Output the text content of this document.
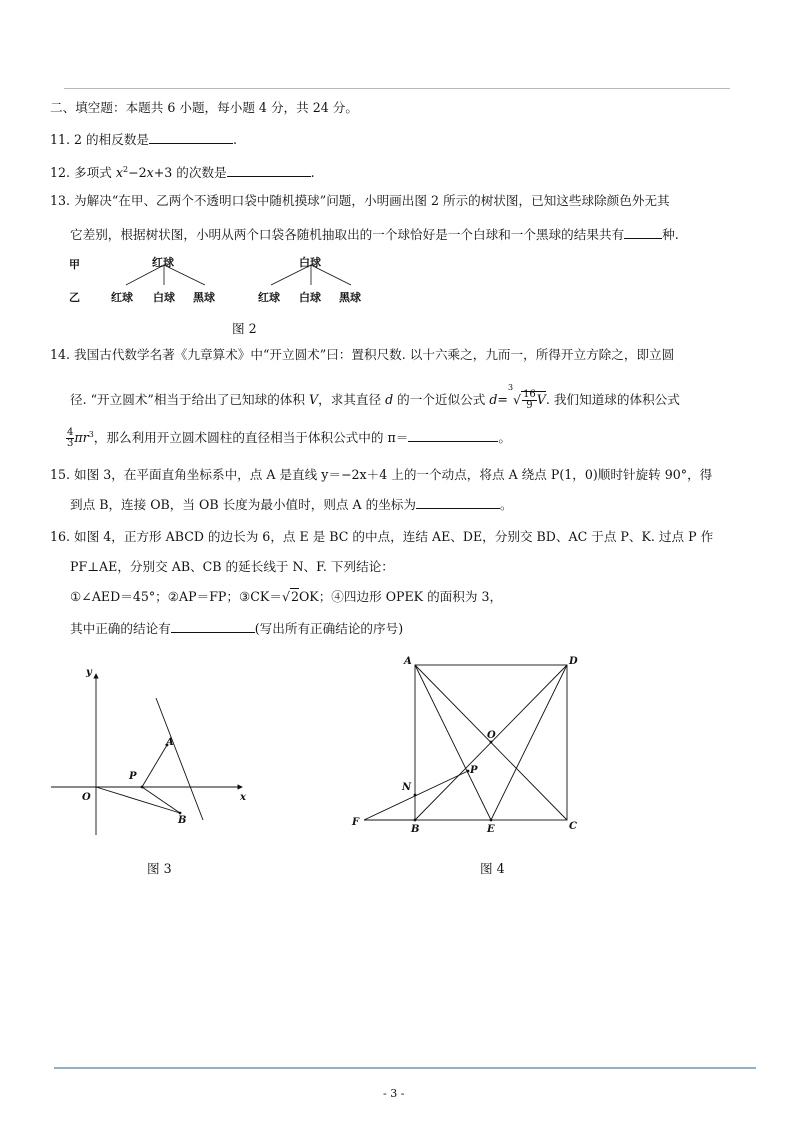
二、填空题：本题共 6 小题，每小题 4 分，共 24 分。
11. 2 的相反数是	.
12. 多项式 $x^2-2x+3$ 的次数是	.
13. 为解决“在甲、乙两个不透明口袋中随机摸球”问题，小明画出图 2 所示的树状图，已知这些球除颜色外无其
它差别，根据树状图，小明从两个口袋各随机抽取出的一个球恰好是一个白球和一个黑球的结果共有	种.
甲	红球	白球
乙	红球 白球 黑球	红球 白球 黑球
图 2
14. 我国古代数学名著《九章算术》中“开立圆术”曰：置积尺数. 以十六乘之，九而一，所得开立方除之，即立圆
径. “开立圆术”相当于给出了已知球的体积 V，求其直径 d 的一个近似公式 $d=^3√ \frac{16}{9} V$. 我们知道球的体积公式
$\frac{4}{3} \pi r^3$，那么利用开立圆术圆柱的直径相当于体积公式中的 π＝	。
15. 如图 3，在平面直角坐标系中，点 A 是直线 y＝−2x＋4 上的一个动点，将点 A 绕点 P(1，0)顺时针旋转 90°，得
到点 B，连接 OB，当 OB 长度为最小值时，则点 A 的坐标为	。
16. 如图 4，正方形 ABCD 的边长为 6，点 E 是 BC 的中点，连结 AE、DE，分别交 BD、AC 于点 P、K. 过点 P 作
PF⊥AE，分别交 AB、CB 的延长线于 N、F. 下列结论：
①∠AED＝45°；②AP＝FP；③CK＝√2OK；④四边形 OPEK 的面积为 3，
其中正确的结论有	(写出所有正确结论的序号)
y
x
O
A
P
B
图 3
A	D
O
P
N
F
B	E	C
图 4
- 3 -
